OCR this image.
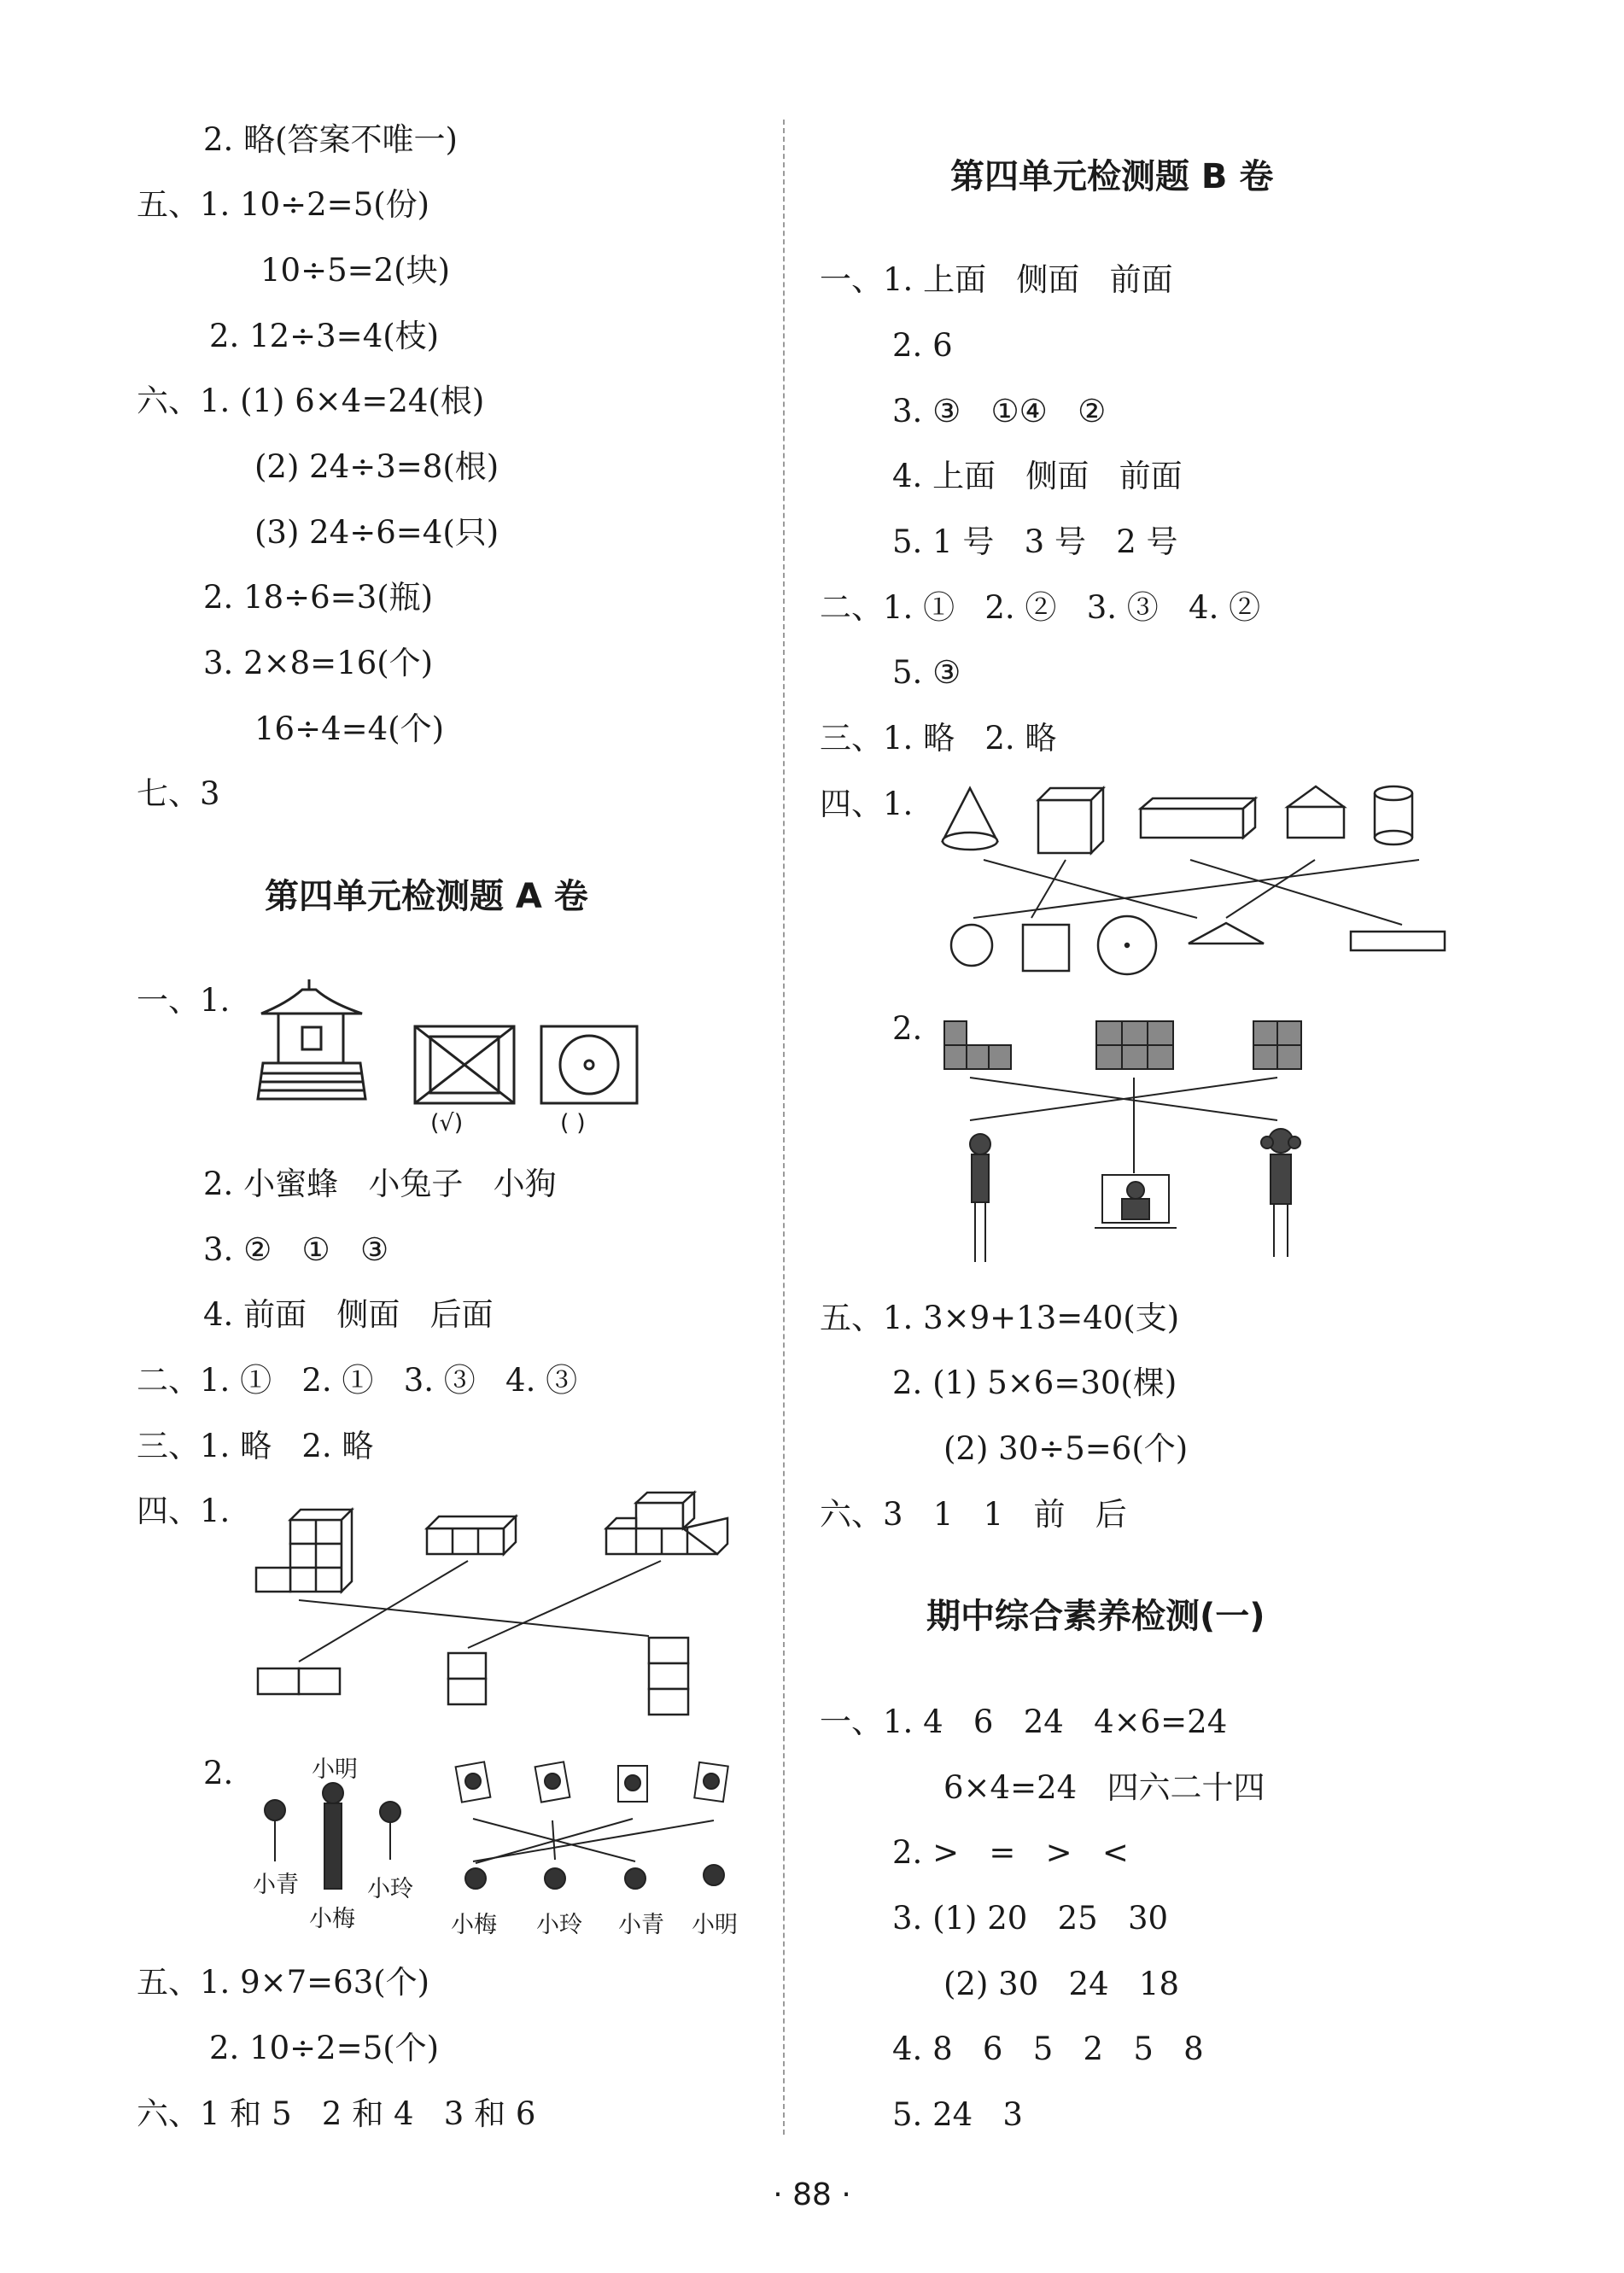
2. 略(答案不唯一)
五、1. 10÷2=5(份)
10÷5=2(块)
2. 12÷3=4(枝)
六、1. (1) 6×4=24(根)
(2) 24÷3=8(根)
(3) 24÷6=4(只)
2. 18÷6=3(瓶)
3. 2×8=16(个)
16÷4=4(个)
七、3
第四单元检测题 A 卷
一、1.
(√)	( )
2. 小蜜蜂   小兔子   小狗
3. ②   ①   ③
4. 前面   侧面   后面
二、1. ①   2. ①   3. ③   4. ③
三、1. 略   2. 略
四、1.
2.	小明
小青	小玲
小梅	小梅 小玲 小青 小明
五、1. 9×7=63(个)
2. 10÷2=5(个)
六、1 和 5   2 和 4   3 和 6
第四单元检测题 B 卷
一、1. 上面   侧面   前面
2. 6
3. ③   ①④   ②
4. 上面   侧面   前面
5. 1 号   3 号   2 号
二、1. ①   2. ②   3. ③   4. ②
5. ③
三、1. 略   2. 略
四、1.
2.
五、1. 3×9+13=40(支)
2. (1) 5×6=30(棵)
(2) 30÷5=6(个)
六、3   1   1   前   后
期中综合素养检测(一)
一、1. 4   6   24   4×6=24
6×4=24   四六二十四
2. >   =   >   <
3. (1) 20   25   30
(2) 30   24   18
4. 8   6   5   2   5   8
5. 24   3
· 88 ·
